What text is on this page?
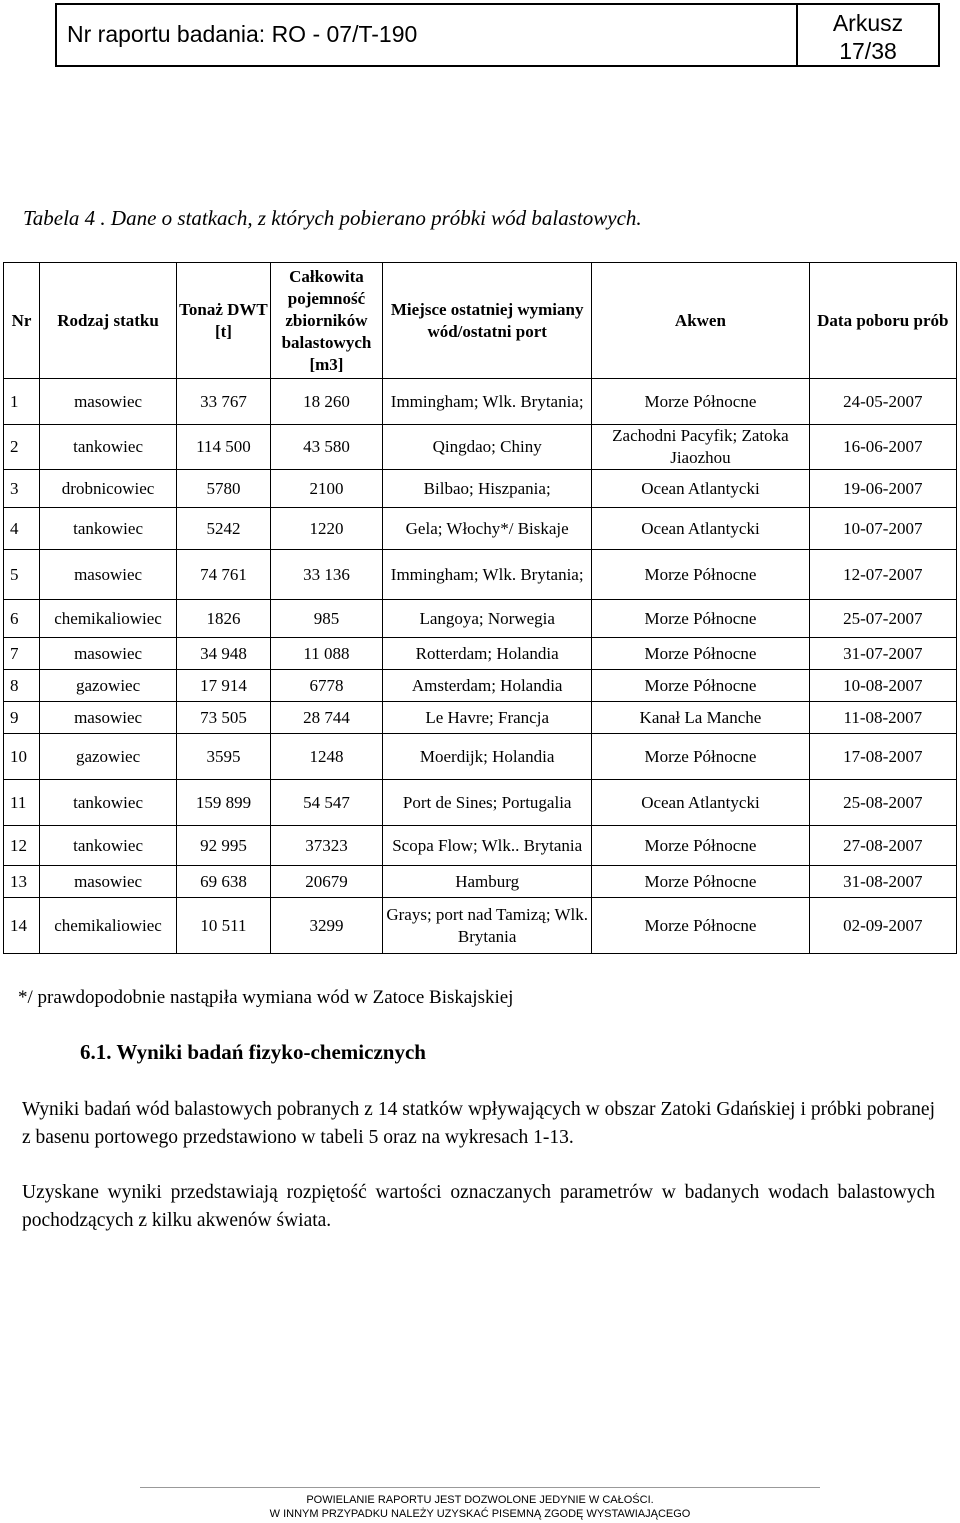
Nr raportu badania: RO - 07/T-190	Arkusz
17/38
Tabela 4 . Dane o statkach, z których pobierano próbki wód balastowych.
Nr	Rodzaj statku	Tonaż DWT [t]	Całkowita pojemność zbiorników balastowych [m3]	Miejsce ostatniej wymiany wód/ostatni port	Akwen	Data poboru prób
1	masowiec	33 767	18 260	Immingham; Wlk. Brytania;	Morze Północne	24-05-2007
2	tankowiec	114 500	43 580	Qingdao; Chiny	Zachodni Pacyfik; Zatoka Jiaozhou	16-06-2007
3	drobnicowiec	5780	2100	Bilbao; Hiszpania;	Ocean Atlantycki	19-06-2007
4	tankowiec	5242	1220	Gela; Włochy*/ Biskaje	Ocean Atlantycki	10-07-2007
5	masowiec	74 761	33 136	Immingham; Wlk. Brytania;	Morze Północne	12-07-2007
6	chemikaliowiec	1826	985	Langoya; Norwegia	Morze Północne	25-07-2007
7	masowiec	34 948	11 088	Rotterdam; Holandia	Morze Północne	31-07-2007
8	gazowiec	17 914	6778	Amsterdam; Holandia	Morze Północne	10-08-2007
9	masowiec	73 505	28 744	Le Havre; Francja	Kanał La Manche	11-08-2007
10	gazowiec	3595	1248	Moerdijk; Holandia	Morze Północne	17-08-2007
11	tankowiec	159 899	54 547	Port de Sines; Portugalia	Ocean Atlantycki	25-08-2007
12	tankowiec	92 995	37323	Scopa Flow; Wlk.. Brytania	Morze Północne	27-08-2007
13	masowiec	69 638	20679	Hamburg	Morze Północne	31-08-2007
14	chemikaliowiec	10 511	3299	Grays; port nad Tamizą; Wlk. Brytania	Morze Północne	02-09-2007
*/ prawdopodobnie nastąpiła wymiana wód w Zatoce Biskajskiej
6.1. Wyniki badań fizyko-chemicznych

Wyniki badań wód balastowych pobranych z 14 statków wpływających w obszar Zatoki Gdańskiej i próbki pobranej z basenu portowego przedstawiono w tabeli 5 oraz na wykresach 1-13.

Uzyskane wyniki przedstawiają rozpiętość wartości oznaczanych parametrów w badanych wodach balastowych pochodzących z kilku akwenów świata.

POWIELANIE RAPORTU JEST DOZWOLONE JEDYNIE W CAŁOŚCI.
W INNYM PRZYPADKU NALEŻY UZYSKAĆ PISEMNĄ ZGODĘ WYSTAWIAJĄCEGO
